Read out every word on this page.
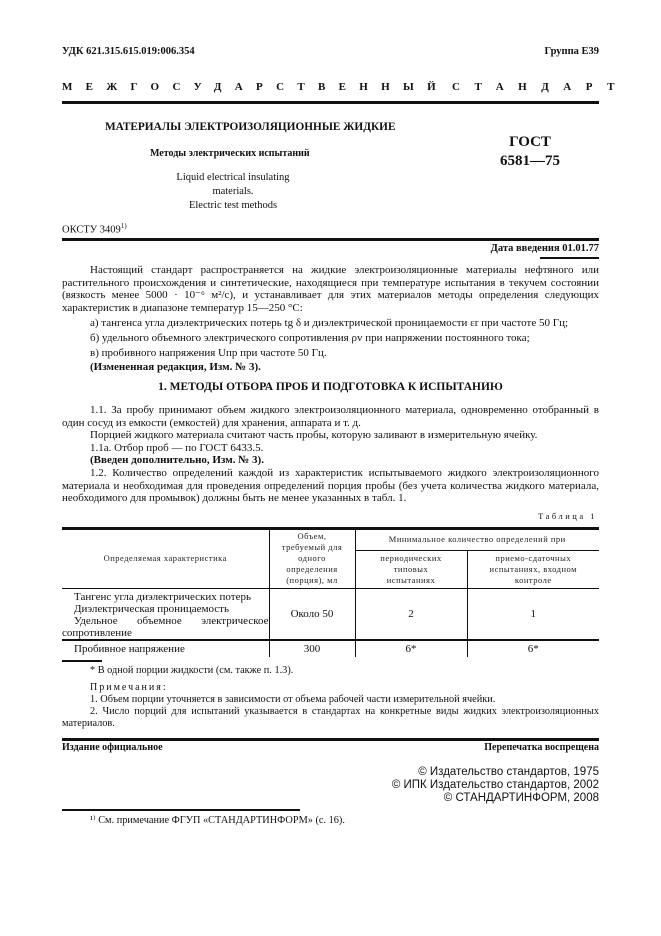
УДК 621.315.615.019:006.354	Группа Е39
МЕЖГОСУДАРСТВЕННЫЙ СТАНДАРТ
МАТЕРИАЛЫ ЭЛЕКТРОИЗОЛЯЦИОННЫЕ ЖИДКИЕ
Методы электрических испытаний
Liquid electrical insulating materials.
Electric test methods
ГОСТ
6581—75
ОКСТУ 3409$^{1)}$
Дата введения 01.01.77

Настоящий стандарт распространяется на жидкие электроизоляционные материалы нефтяного или растительного происхождения и синтетические, находящиеся при температуре испытания в текучем состоянии (вязкость менее 5000 · 10⁻⁶ м²/с), и устанавливает для этих материалов методы определения следующих характеристик в диапазоне температур 15—250 °С:

а) тангенса угла диэлектрических потерь tg δ и диэлектрической проницаемости εr при частоте 50 Гц;

б) удельного объемного электрического сопротивления ρv при напряжении постоянного тока;

в) пробивного напряжения Uпр при частоте 50 Гц.

(Измененная редакция, Изм. № 3).

1. МЕТОДЫ ОТБОРА ПРОБ И ПОДГОТОВКА К ИСПЫТАНИЮ

1.1. За пробу принимают объем жидкого электроизоляционного материала, одновременно отобранный в один сосуд из емкости (емкостей) для хранения, аппарата и т. д.

Порцией жидкого материала считают часть пробы, которую заливают в измерительную ячейку.

1.1а. Отбор проб — по ГОСТ 6433.5.

(Введен дополнительно, Изм. № 3).

1.2. Количество определений каждой из характеристик испытываемого жидкого электроизоляционного материала и необходимая для проведения определений порция пробы (без учета количества жидкого материала, необходимого для промывок) должны быть не менее указанных в табл. 1.

Таблица 1
Определяемая характеристика	Объем, требуемый для одного определения (порция), мл	Минимальное количество определений при	
		периодических типовых испытаниях	приемо-сдаточных испытаниях, входном контроле

Тангенс угла диэлектрических потерь
Диэлектрическая проницаемость
Удельное объемное электрическое сопротивление	Около 50	2	1
Пробивное напряжение	300	6*	6*

* В одной порции жидкости (см. также п. 1.3).

Примечания:

1. Объем порции уточняется в зависимости от объема рабочей части измерительной ячейки.

2. Число порций для испытаний указывается в стандартах на конкретные виды жидких электроизоляционных материалов.

Издание официальное	Перепечатка воспрещена
© Издательство стандартов, 1975
© ИПК Издательство стандартов, 2002
© СТАНДАРТИНФОРМ, 2008
¹⁾ См. примечание ФГУП «СТАНДАРТИНФОРМ» (с. 16).
